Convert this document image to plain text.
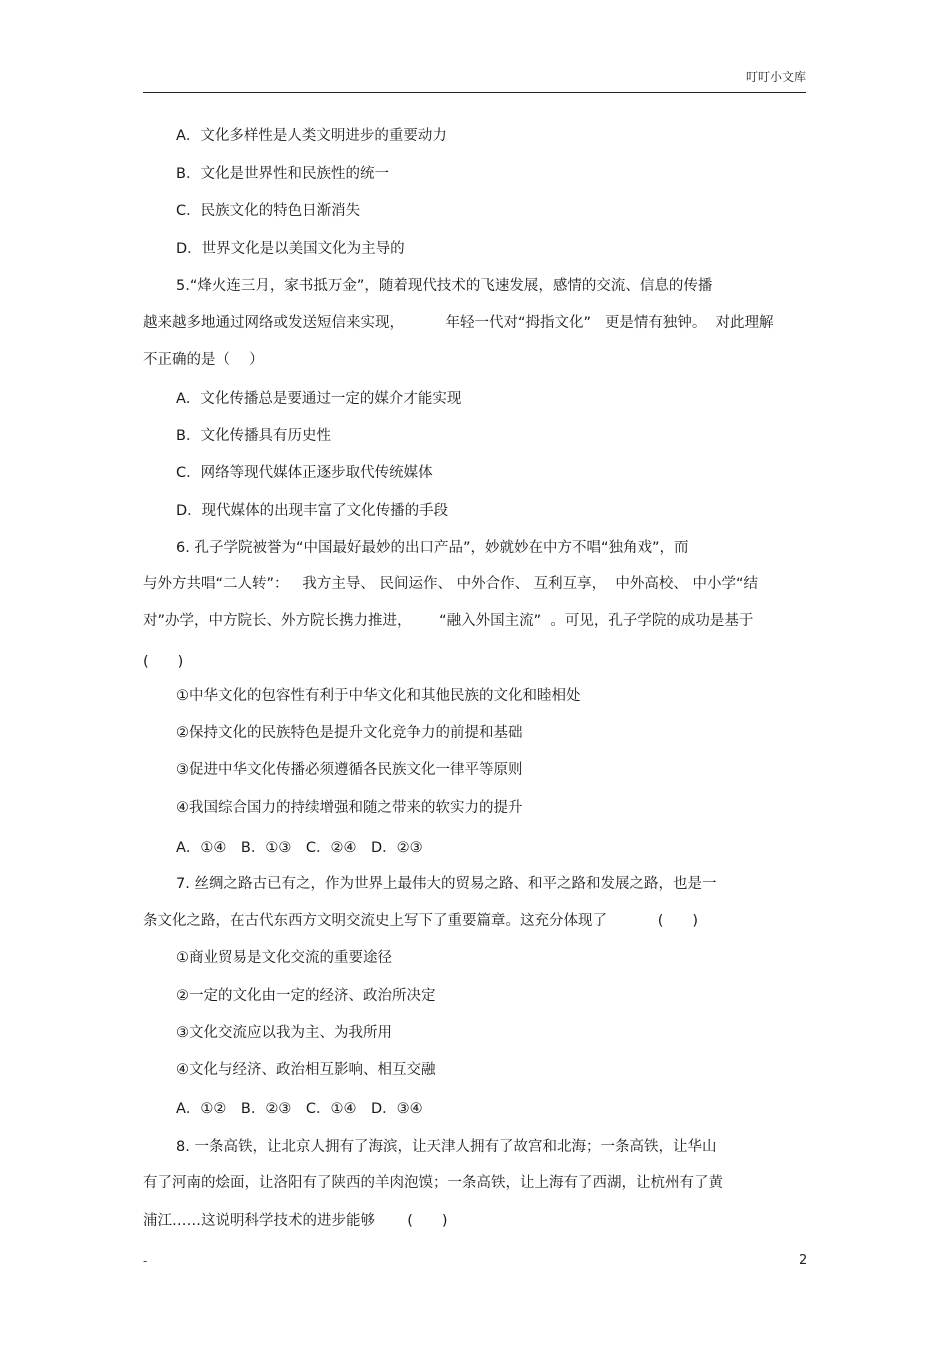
叮叮小文库
A．文化多样性是人类文明进步的重要动力
B．文化是世界性和民族性的统一
C．民族文化的特色日渐消失
D．世界文化是以美国文化为主导的
5.“烽火连三月，家书抵万金”，随着现代技术的飞速发展，感情的交流、信息的传播
越来越多地通过网络或发送短信来实现，         年轻一代对“拇指文化”   更是情有独钟。  对此理解
不正确的是（　 ）
A．文化传播总是要通过一定的媒介才能实现
B．文化传播具有历史性
C．网络等现代媒体正逐步取代传统媒体
D．现代媒体的出现丰富了文化传播的手段
6. 孔子学院被誉为“中国最好最妙的出口产品”，妙就妙在中方不唱“独角戏”，而
与外方共唱“二人转”：   我方主导、 民间运作、 中外合作、 互利互享，  中外高校、 中小学“结
对”办学，中方院长、外方院长携力推进，      “融入外国主流”  。可见，孔子学院的成功是基于
(　　)
①中华文化的包容性有利于中华文化和其他民族的文化和睦相处
②保持文化的民族特色是提升文化竞争力的前提和基础
③促进中华文化传播必须遵循各民族文化一律平等原则
④我国综合国力的持续增强和随之带来的软实力的提升
A．①④　B．①③　C．②④　D．②③
7. 丝绸之路古已有之，作为世界上最伟大的贸易之路、和平之路和发展之路，也是一
条文化之路，在古代东西方文明交流史上写下了重要篇章。这充分体现了           (　　)
①商业贸易是文化交流的重要途径
②一定的文化由一定的经济、政治所决定
③文化交流应以我为主、为我所用
④文化与经济、政治相互影响、相互交融
A．①②　B．②③　C．①④　D．③④
8. 一条高铁，让北京人拥有了海滨，让天津人拥有了故宫和北海；一条高铁，让华山
有了河南的烩面，让洛阳有了陕西的羊肉泡馍；一条高铁，让上海有了西湖，让杭州有了黄
浦江……这说明科学技术的进步能够       (　　)
-	2
